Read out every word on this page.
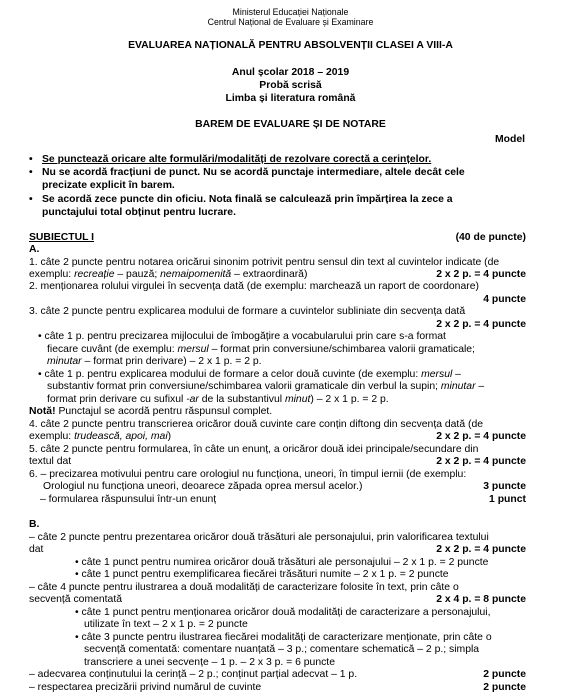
Ministerul Educației Naționale
Centrul Național de Evaluare și Examinare
EVALUAREA NAȚIONALĂ PENTRU ABSOLVENȚII CLASEI A VIII-A
Anul școlar 2018 – 2019
Probă scrisă
Limba și literatura română
BAREM DE EVALUARE ȘI DE NOTARE
Model
• Se punctează oricare alte formulări/modalități de rezolvare corectă a cerințelor.
• Nu se acordă fracțiuni de punct. Nu se acordă punctaje intermediare, altele decât cele
precizate explicit în barem.
• Se acordă zece puncte din oficiu. Nota finală se calculează prin împărțirea la zece a
punctajului total obținut pentru lucrare.
SUBIECTUL I	(40 de puncte)
A.
1. câte 2 puncte pentru notarea oricărui sinonim potrivit pentru sensul din text al cuvintelor indicate (de
exemplu: recreație – pauză; nemaipomenită – extraordinară)	2 x 2 p. = 4 puncte
2. menționarea rolului virgulei în secvența dată (de exemplu: marchează un raport de coordonare)
4 puncte
3. câte 2 puncte pentru explicarea modului de formare a cuvintelor subliniate din secvența dată
2 x 2 p. = 4 puncte
• câte 1 p. pentru precizarea mijlocului de îmbogățire a vocabularului prin care s-a format
fiecare cuvânt (de exemplu: mersul – format prin conversiune/schimbarea valorii gramaticale;
minutar – format prin derivare) – 2 x 1 p. = 2 p.
• câte 1 p. pentru explicarea modului de formare a celor două cuvinte (de exemplu: mersul –
substantiv format prin conversiune/schimbarea valorii gramaticale din verbul la supin; minutar –
format prin derivare cu sufixul -ar de la substantivul minut) – 2 x 1 p. = 2 p.
Notă! Punctajul se acordă pentru răspunsul complet.
4. câte 2 puncte pentru transcrierea oricăror două cuvinte care conțin diftong din secvența dată (de
exemplu: trudească, apoi, mai)	2 x 2 p. = 4 puncte
5. câte 2 puncte pentru formularea, în câte un enunț, a oricăror două idei principale/secundare din
textul dat	2 x 2 p. = 4 puncte
6. – precizarea motivului pentru care orologiul nu funcționa, uneori, în timpul iernii (de exemplu:
Orologiul nu funcționa uneori, deoarece zăpada oprea mersul acelor.)	3 puncte
– formularea răspunsului într-un enunț	1 punct
B.
– câte 2 puncte pentru prezentarea oricăror două trăsături ale personajului, prin valorificarea textului
dat	2 x 2 p. = 4 puncte
• câte 1 punct pentru numirea oricăror două trăsături ale personajului – 2 x 1 p. = 2 puncte
• câte 1 punct pentru exemplificarea fiecărei trăsături numite – 2 x 1 p. = 2 puncte
– câte 4 puncte pentru ilustrarea a două modalități de caracterizare folosite în text, prin câte o
secvență comentată	2 x 4 p. = 8 puncte
• câte 1 punct pentru menționarea oricăror două modalități de caracterizare a personajului,
utilizate în text – 2 x 1 p. = 2 puncte
• câte 3 puncte pentru ilustrarea fiecărei modalități de caracterizare menționate, prin câte o
secvență comentată: comentare nuanțată – 3 p.; comentare schematică – 2 p.; simpla
transcriere a unei secvențe – 1 p. – 2 x 3 p. = 6 puncte
– adecvarea conținutului la cerință – 2 p.; conținut parțial adecvat – 1 p.	2 puncte
– respectarea precizării privind numărul de cuvinte	2 puncte
